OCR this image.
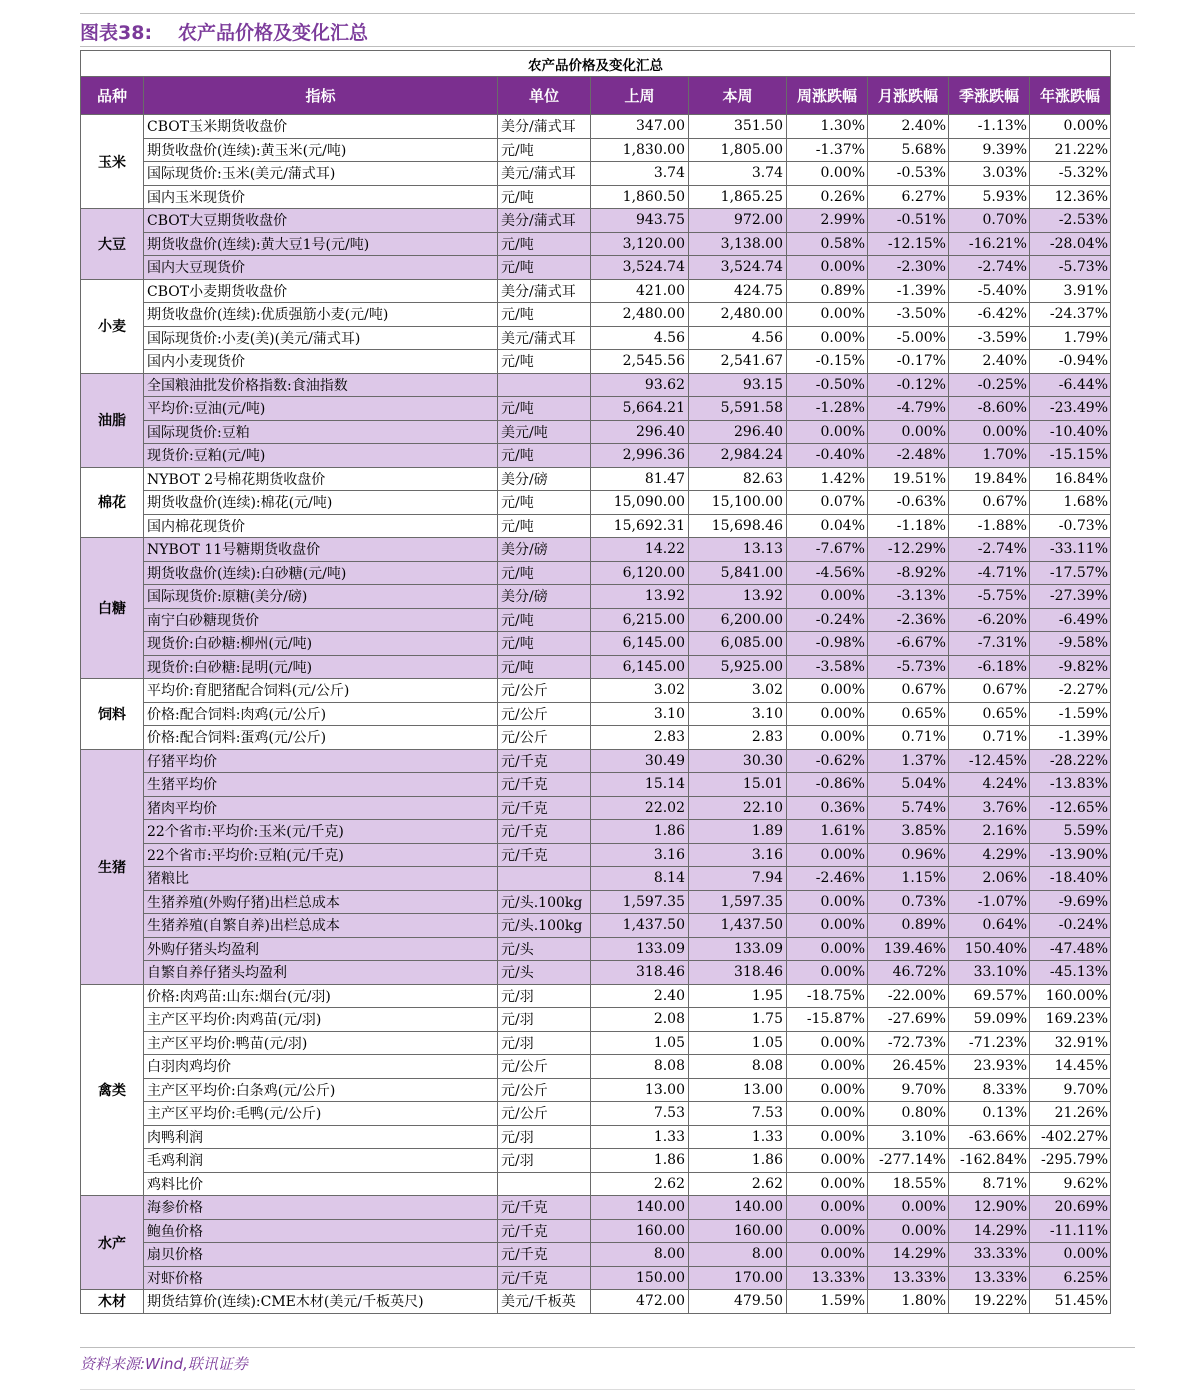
图表38: 农产品价格及变化汇总
农产品价格及变化汇总								
品种	指标	单位	上周	本周	周涨跌幅	月涨跌幅	季涨跌幅	年涨跌幅
玉米	CBOT玉米期货收盘价	美分/蒲式耳	347.00	351.50	1.30%	2.40%	-1.13%	0.00%
	期货收盘价(连续):黄玉米(元/吨)	元/吨	1,830.00	1,805.00	-1.37%	5.68%	9.39%	21.22%
	国际现货价:玉米(美元/蒲式耳)	美元/蒲式耳	3.74	3.74	0.00%	-0.53%	3.03%	-5.32%
	国内玉米现货价	元/吨	1,860.50	1,865.25	0.26%	6.27%	5.93%	12.36%
大豆	CBOT大豆期货收盘价	美分/蒲式耳	943.75	972.00	2.99%	-0.51%	0.70%	-2.53%
	期货收盘价(连续):黄大豆1号(元/吨)	元/吨	3,120.00	3,138.00	0.58%	-12.15%	-16.21%	-28.04%
	国内大豆现货价	元/吨	3,524.74	3,524.74	0.00%	-2.30%	-2.74%	-5.73%
小麦	CBOT小麦期货收盘价	美分/蒲式耳	421.00	424.75	0.89%	-1.39%	-5.40%	3.91%
	期货收盘价(连续):优质强筋小麦(元/吨)	元/吨	2,480.00	2,480.00	0.00%	-3.50%	-6.42%	-24.37%
	国际现货价:小麦(美)(美元/蒲式耳)	美元/蒲式耳	4.56	4.56	0.00%	-5.00%	-3.59%	1.79%
	国内小麦现货价	元/吨	2,545.56	2,541.67	-0.15%	-0.17%	2.40%	-0.94%
油脂	全国粮油批发价格指数:食油指数		93.62	93.15	-0.50%	-0.12%	-0.25%	-6.44%
	平均价:豆油(元/吨)	元/吨	5,664.21	5,591.58	-1.28%	-4.79%	-8.60%	-23.49%
	国际现货价:豆粕	美元/吨	296.40	296.40	0.00%	0.00%	0.00%	-10.40%
	现货价:豆粕(元/吨)	元/吨	2,996.36	2,984.24	-0.40%	-2.48%	1.70%	-15.15%
棉花	NYBOT 2号棉花期货收盘价	美分/磅	81.47	82.63	1.42%	19.51%	19.84%	16.84%
	期货收盘价(连续):棉花(元/吨)	元/吨	15,090.00	15,100.00	0.07%	-0.63%	0.67%	1.68%
	国内棉花现货价	元/吨	15,692.31	15,698.46	0.04%	-1.18%	-1.88%	-0.73%
白糖	NYBOT 11号糖期货收盘价	美分/磅	14.22	13.13	-7.67%	-12.29%	-2.74%	-33.11%
	期货收盘价(连续):白砂糖(元/吨)	元/吨	6,120.00	5,841.00	-4.56%	-8.92%	-4.71%	-17.57%
	国际现货价:原糖(美分/磅)	美分/磅	13.92	13.92	0.00%	-3.13%	-5.75%	-27.39%
	南宁白砂糖现货价	元/吨	6,215.00	6,200.00	-0.24%	-2.36%	-6.20%	-6.49%
	现货价:白砂糖:柳州(元/吨)	元/吨	6,145.00	6,085.00	-0.98%	-6.67%	-7.31%	-9.58%
	现货价:白砂糖:昆明(元/吨)	元/吨	6,145.00	5,925.00	-3.58%	-5.73%	-6.18%	-9.82%
饲料	平均价:育肥猪配合饲料(元/公斤)	元/公斤	3.02	3.02	0.00%	0.67%	0.67%	-2.27%
	价格:配合饲料:肉鸡(元/公斤)	元/公斤	3.10	3.10	0.00%	0.65%	0.65%	-1.59%
	价格:配合饲料:蛋鸡(元/公斤)	元/公斤	2.83	2.83	0.00%	0.71%	0.71%	-1.39%
生猪	仔猪平均价	元/千克	30.49	30.30	-0.62%	1.37%	-12.45%	-28.22%
	生猪平均价	元/千克	15.14	15.01	-0.86%	5.04%	4.24%	-13.83%
	猪肉平均价	元/千克	22.02	22.10	0.36%	5.74%	3.76%	-12.65%
	22个省市:平均价:玉米(元/千克)	元/千克	1.86	1.89	1.61%	3.85%	2.16%	5.59%
	22个省市:平均价:豆粕(元/千克)	元/千克	3.16	3.16	0.00%	0.96%	4.29%	-13.90%
	猪粮比		8.14	7.94	-2.46%	1.15%	2.06%	-18.40%
	生猪养殖(外购仔猪)出栏总成本	元/头.100kg	1,597.35	1,597.35	0.00%	0.73%	-1.07%	-9.69%
	生猪养殖(自繁自养)出栏总成本	元/头.100kg	1,437.50	1,437.50	0.00%	0.89%	0.64%	-0.24%
	外购仔猪头均盈利	元/头	133.09	133.09	0.00%	139.46%	150.40%	-47.48%
	自繁自养仔猪头均盈利	元/头	318.46	318.46	0.00%	46.72%	33.10%	-45.13%
禽类	价格:肉鸡苗:山东:烟台(元/羽)	元/羽	2.40	1.95	-18.75%	-22.00%	69.57%	160.00%
	主产区平均价:肉鸡苗(元/羽)	元/羽	2.08	1.75	-15.87%	-27.69%	59.09%	169.23%
	主产区平均价:鸭苗(元/羽)	元/羽	1.05	1.05	0.00%	-72.73%	-71.23%	32.91%
	白羽肉鸡均价	元/公斤	8.08	8.08	0.00%	26.45%	23.93%	14.45%
	主产区平均价:白条鸡(元/公斤)	元/公斤	13.00	13.00	0.00%	9.70%	8.33%	9.70%
	主产区平均价:毛鸭(元/公斤)	元/公斤	7.53	7.53	0.00%	0.80%	0.13%	21.26%
	肉鸭利润	元/羽	1.33	1.33	0.00%	3.10%	-63.66%	-402.27%
	毛鸡利润	元/羽	1.86	1.86	0.00%	-277.14%	-162.84%	-295.79%
	鸡料比价		2.62	2.62	0.00%	18.55%	8.71%	9.62%
水产	海参价格	元/千克	140.00	140.00	0.00%	0.00%	12.90%	20.69%
	鲍鱼价格	元/千克	160.00	160.00	0.00%	0.00%	14.29%	-11.11%
	扇贝价格	元/千克	8.00	8.00	0.00%	14.29%	33.33%	0.00%
	对虾价格	元/千克	150.00	170.00	13.33%	13.33%	13.33%	6.25%
木材	期货结算价(连续):CME木材(美元/千板英尺)	美元/千板英	472.00	479.50	1.59%	1.80%	19.22%	51.45%
资料来源:Wind,联讯证券
